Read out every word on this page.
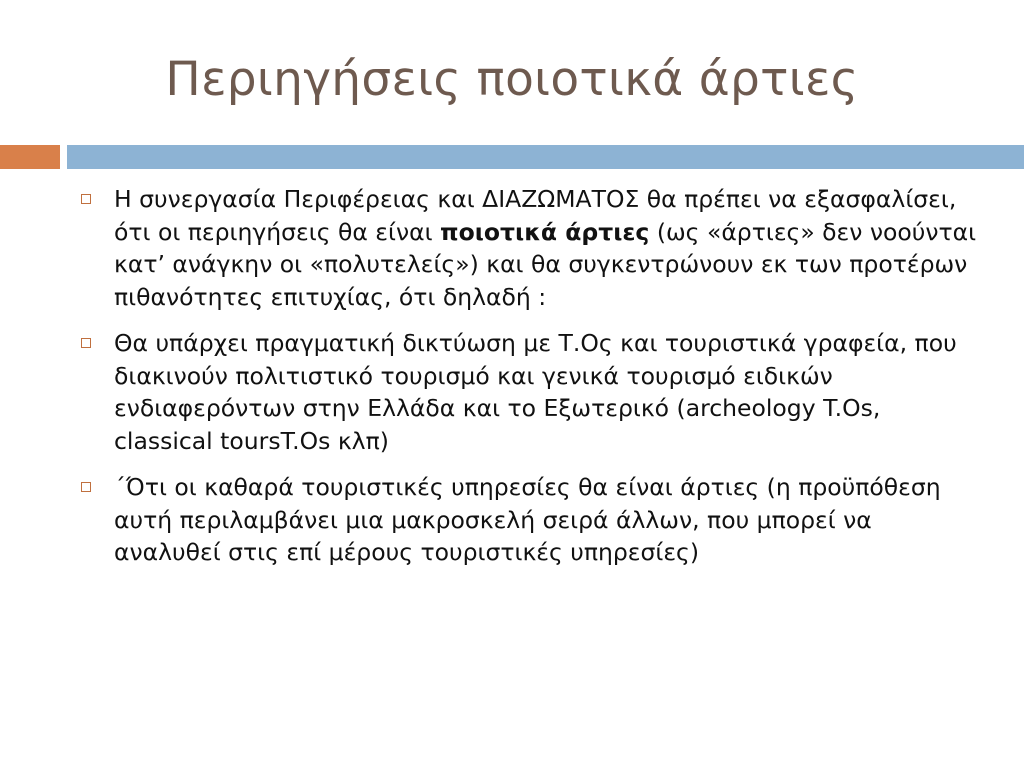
Περιηγήσεις ποιοτικά άρτιες
Η συνεργασία Περιφέρειας και ΔΙΑΖΩΜΑΤΟΣ θα πρέπει να εξασφαλίσει, ότι οι περιηγήσεις θα είναι ποιοτικά άρτιες (ως «άρτιες» δεν νοούνται κατ’ ανάγκην οι «πολυτελείς») και θα συγκεντρώνουν εκ των προτέρων πιθανότητες επιτυχίας, ότι δηλαδή :
Θα υπάρχει πραγματική δικτύωση με Τ.Ος και τουριστικά γραφεία, που διακινούν πολιτιστικό τουρισμό και γενικά τουρισμό ειδικών ενδιαφερόντων στην Ελλάδα και το Εξωτερικό (archeology T.Os, classical toursT.Os κλπ)
΄Ότι οι καθαρά τουριστικές υπηρεσίες θα είναι άρτιες (η προϋπόθεση αυτή περιλαμβάνει μια μακροσκελή σειρά άλλων, που μπορεί να αναλυθεί στις επί μέρους τουριστικές υπηρεσίες)
